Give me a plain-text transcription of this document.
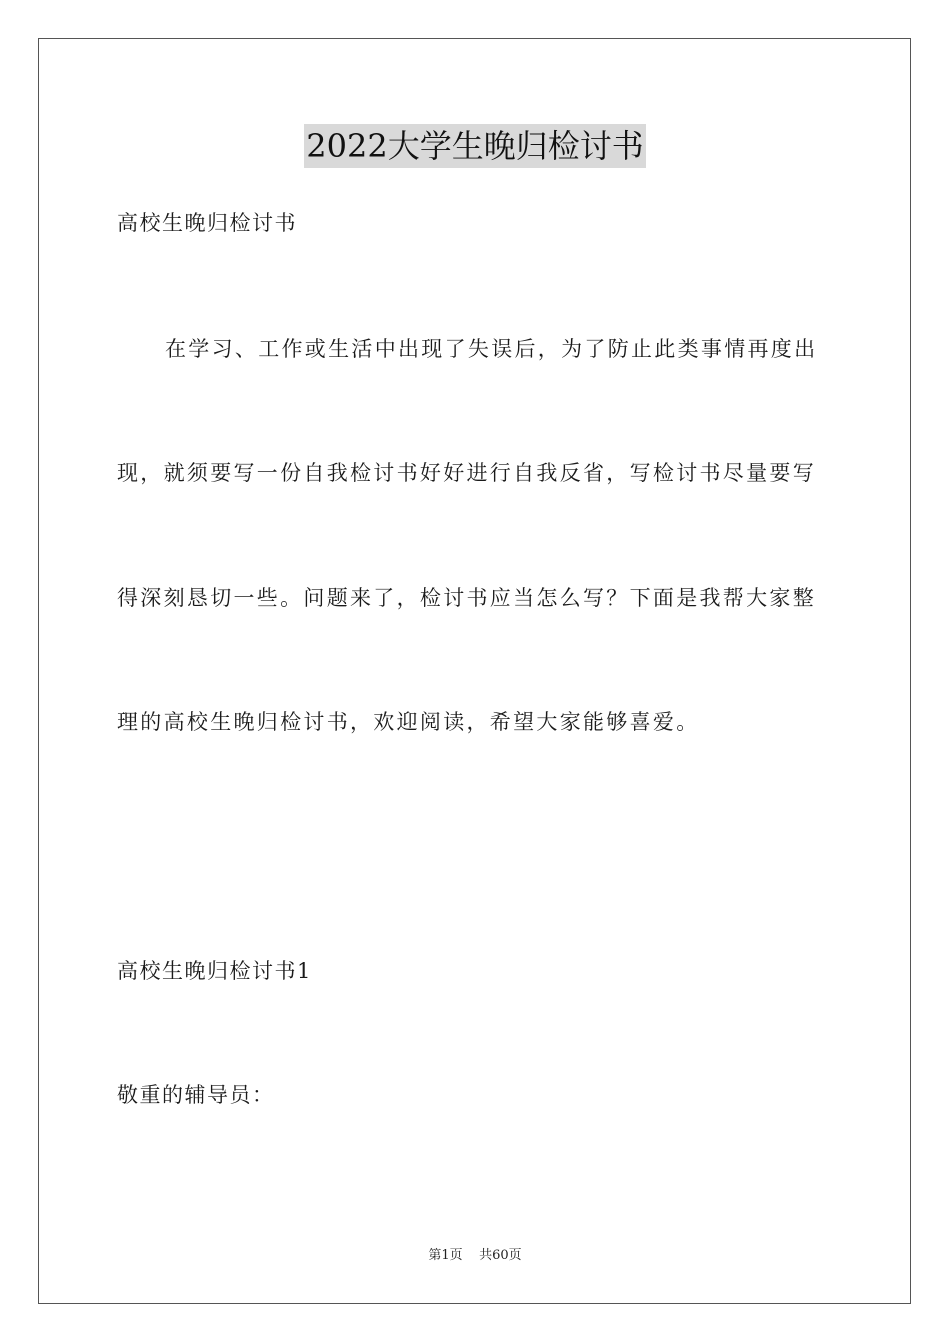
2022大学生晚归检讨书
高校生晚归检讨书
在学习、工作或生活中出现了失误后，为了防止此类事情再度出
现，就须要写一份自我检讨书好好进行自我反省，写检讨书尽量要写
得深刻恳切一些。问题来了，检讨书应当怎么写？下面是我帮大家整
理的高校生晚归检讨书，欢迎阅读，希望大家能够喜爱。
高校生晚归检讨书1
敬重的辅导员：
第1页 共60页
